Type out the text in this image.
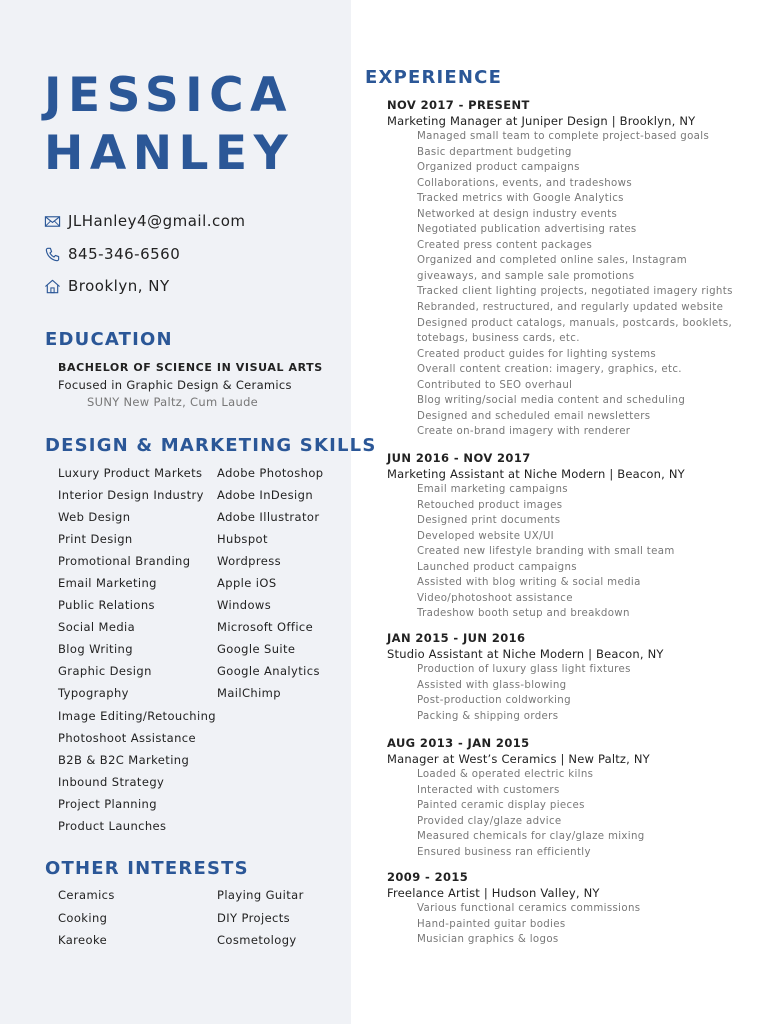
JESSICA
HANLEY
JLHanley4@gmail.com
845-346-6560
Brooklyn, NY
EDUCATION
BACHELOR OF SCIENCE IN VISUAL ARTS
Focused in Graphic Design & Ceramics
SUNY New Paltz, Cum Laude
DESIGN & MARKETING SKILLS
Luxury Product Markets
Interior Design Industry
Web Design
Print Design
Promotional Branding
Email Marketing
Public Relations
Social Media
Blog Writing
Graphic Design
Typography
Image Editing/Retouching
Photoshoot Assistance
B2B & B2C Marketing
Inbound Strategy
Project Planning
Product Launches
Adobe Photoshop
Adobe InDesign
Adobe Illustrator
Hubspot
Wordpress
Apple iOS
Windows
Microsoft Office
Google Suite
Google Analytics
MailChimp
OTHER INTERESTS
Ceramics
Cooking
Kareoke
Playing Guitar
DIY Projects
Cosmetology
EXPERIENCE
NOV 2017 - PRESENT
Marketing Manager at Juniper Design | Brooklyn, NY
Managed small team to complete project-based goals
Basic department budgeting
Organized product campaigns
Collaborations, events, and tradeshows
Tracked metrics with Google Analytics
Networked at design industry events
Negotiated publication advertising rates
Created press content packages
Organized and completed online sales, Instagram
giveaways, and sample sale promotions
Tracked client lighting projects, negotiated imagery rights
Rebranded, restructured, and regularly updated website
Designed product catalogs, manuals, postcards, booklets,
totebags, business cards, etc.
Created product guides for lighting systems
Overall content creation: imagery, graphics, etc.
Contributed to SEO overhaul
Blog writing/social media content and scheduling
Designed and scheduled email newsletters
Create on-brand imagery with renderer
JUN 2016 - NOV 2017
Marketing Assistant at Niche Modern | Beacon, NY
Email marketing campaigns
Retouched product images
Designed print documents
Developed website UX/UI
Created new lifestyle branding with small team
Launched product campaigns
Assisted with blog writing & social media
Video/photoshoot assistance
Tradeshow booth setup and breakdown
JAN 2015 - JUN 2016
Studio Assistant at Niche Modern | Beacon, NY
Production of luxury glass light fixtures
Assisted with glass-blowing
Post-production coldworking
Packing & shipping orders
AUG 2013 - JAN 2015
Manager at West’s Ceramics | New Paltz, NY
Loaded & operated electric kilns
Interacted with customers
Painted ceramic display pieces
Provided clay/glaze advice
Measured chemicals for clay/glaze mixing
Ensured business ran efficiently
2009 - 2015
Freelance Artist | Hudson Valley, NY
Various functional ceramics commissions
Hand-painted guitar bodies
Musician graphics & logos
